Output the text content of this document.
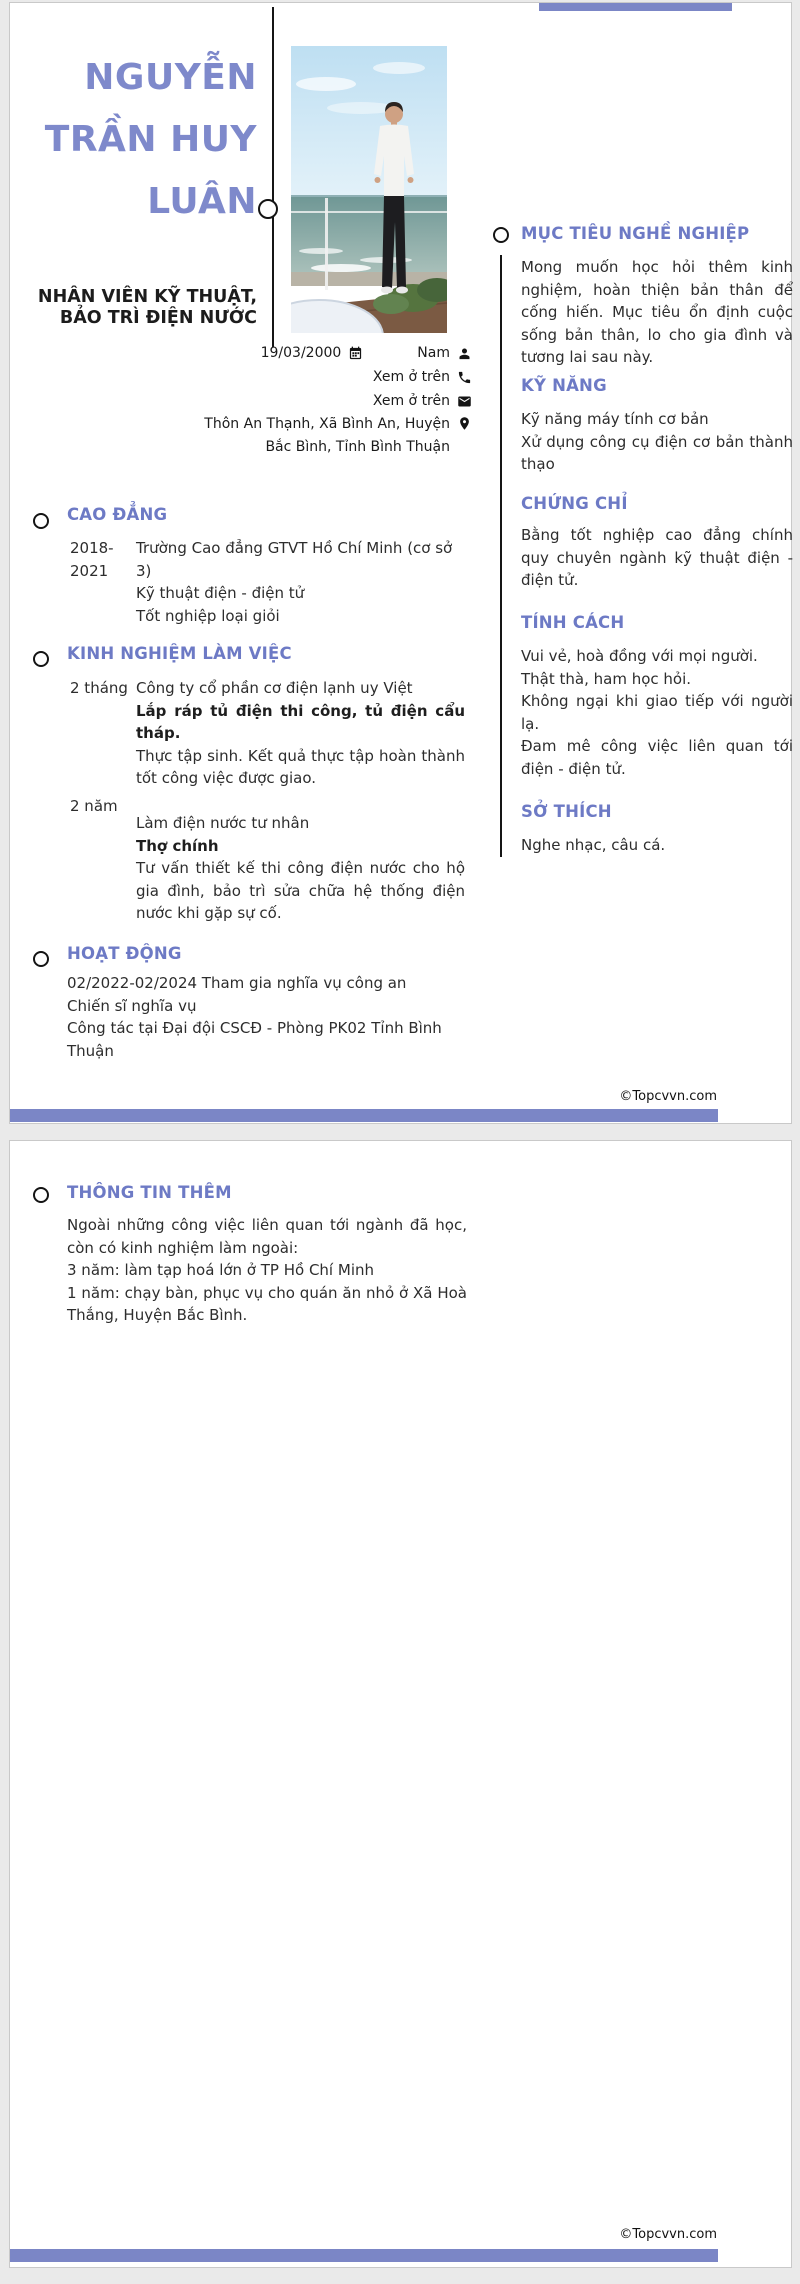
NGUYỄN
TRẦN HUY
LUÂN
NHÂN VIÊN KỸ THUẬT,
BẢO TRÌ ĐIỆN NƯỚC
19/03/2000	Nam
Xem ở trên
Xem ở trên
Thôn An Thạnh, Xã Bình An, Huyện Bắc Bình, Tỉnh Bình Thuận
CAO ĐẲNG
2018-2021
Trường Cao đẳng GTVT Hồ Chí Minh (cơ sở 3)
Kỹ thuật điện - điện tử
Tốt nghiệp loại giỏi
KINH NGHIỆM LÀM VIỆC
2 tháng Công ty cổ phần cơ điện lạnh uy Việt
Lắp ráp tủ điện thi công, tủ điện cẩu tháp.
Thực tập sinh. Kết quả thực tập hoàn thành tốt công việc được giao.
2 năm
Làm điện nước tư nhân
Thợ chính
Tư vấn thiết kế thi công điện nước cho hộ gia đình, bảo trì sửa chữa hệ thống điện nước khi gặp sự cố.
HOẠT ĐỘNG
02/2022-02/2024 Tham gia nghĩa vụ công an
Chiến sĩ nghĩa vụ
Công tác tại Đại đội CSCĐ - Phòng PK02 Tỉnh Bình Thuận
MỤC TIÊU NGHỀ NGHIỆP
Mong muốn học hỏi thêm kinh nghiệm, hoàn thiện bản thân để cống hiến. Mục tiêu ổn định cuộc sống bản thân, lo cho gia đình và tương lai sau này.
KỸ NĂNG
Kỹ năng máy tính cơ bản
Xử dụng công cụ điện cơ bản thành thạo
CHỨNG CHỈ
Bằng tốt nghiệp cao đẳng chính quy chuyên ngành kỹ thuật điện - điện tử.
TÍNH CÁCH
Vui vẻ, hoà đồng với mọi người.
Thật thà, ham học hỏi.
Không ngại khi giao tiếp với người lạ.
Đam mê công việc liên quan tới điện - điện tử.
SỞ THÍCH
Nghe nhạc, câu cá.
©Topcvvn.com
THÔNG TIN THÊM
Ngoài những công việc liên quan tới ngành đã học, còn có kinh nghiệm làm ngoài:
3 năm: làm tạp hoá lớn ở TP Hồ Chí Minh
1 năm: chạy bàn, phục vụ cho quán ăn nhỏ ở Xã Hoà Thắng, Huyện Bắc Bình.
©Topcvvn.com
